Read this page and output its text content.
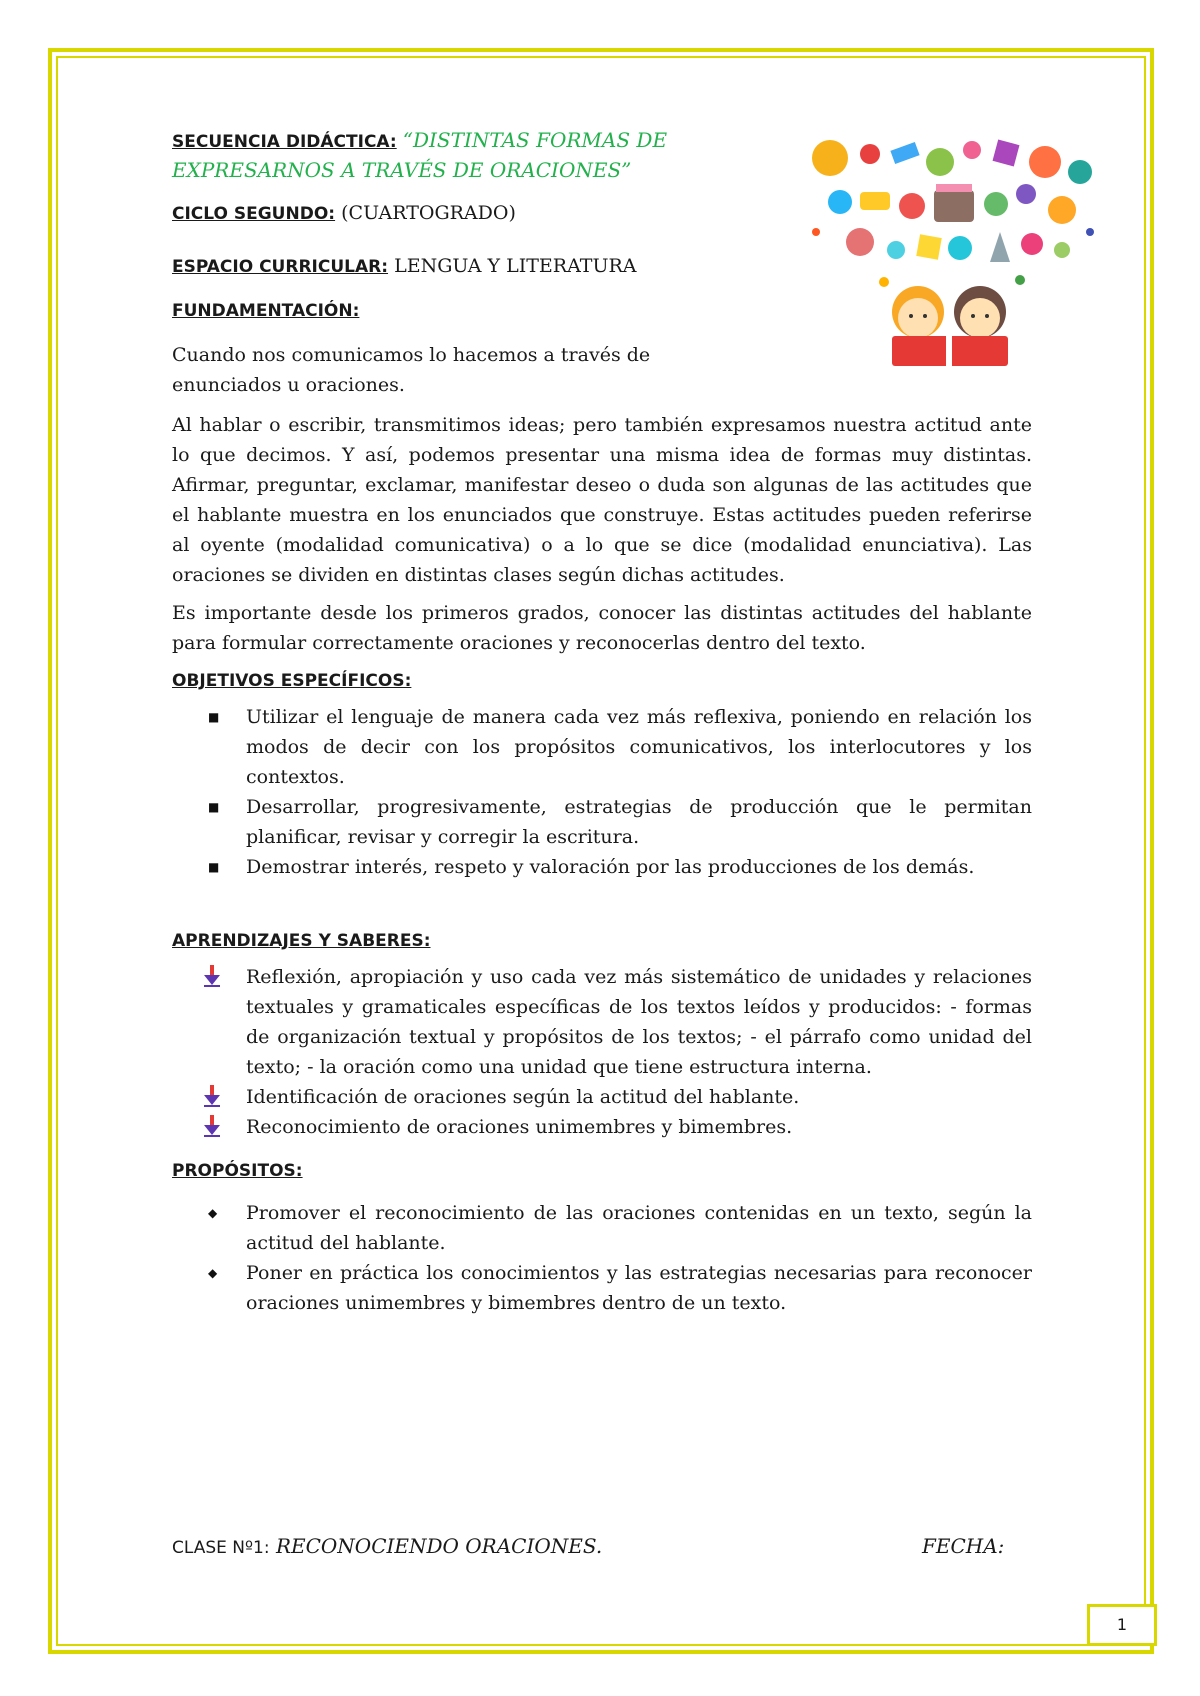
SECUENCIA DIDÁCTICA: “DISTINTAS FORMAS DE

EXPRESARNOS A TRAVÉS DE ORACIONES”

CICLO SEGUNDO: (CUARTOGRADO)

ESPACIO CURRICULAR: LENGUA Y LITERATURA

FUNDAMENTACIÓN:

Cuando nos comunicamos lo hacemos a través de enunciados u oraciones.

Al hablar o escribir, transmitimos ideas; pero también expresamos nuestra actitud ante lo que decimos. Y así, podemos presentar una misma idea de formas muy distintas. Afirmar, preguntar, exclamar, manifestar deseo o duda son algunas de las actitudes que el hablante muestra en los enunciados que construye. Estas actitudes pueden referirse al oyente (modalidad comunicativa) o a lo que se dice (modalidad enunciativa). Las oraciones se dividen en distintas clases según dichas actitudes.

Es importante desde los primeros grados, conocer las distintas actitudes del hablante para formular correctamente oraciones y reconocerlas dentro del texto.

OBJETIVOS ESPECÍFICOS:

■ Utilizar el lenguaje de manera cada vez más reflexiva, poniendo en relación los modos de decir con los propósitos comunicativos, los interlocutores y los contextos.
■ Desarrollar, progresivamente, estrategias de producción que le permitan planificar, revisar y corregir la escritura.
■ Demostrar interés, respeto y valoración por las producciones de los demás.

APRENDIZAJES Y SABERES:

Reflexión, apropiación y uso cada vez más sistemático de unidades y relaciones textuales y gramaticales específicas de los textos leídos y producidos: - formas de organización textual y propósitos de los textos; - el párrafo como unidad del texto; - la oración como una unidad que tiene estructura interna.
Identificación de oraciones según la actitud del hablante.
Reconocimiento de oraciones unimembres y bimembres.

PROPÓSITOS:

◆ Promover el reconocimiento de las oraciones contenidas en un texto, según la actitud del hablante.
◆ Poner en práctica los conocimientos y las estrategias necesarias para reconocer oraciones unimembres y bimembres dentro de un texto.
CLASE Nº1: RECONOCIENDO ORACIONES.	FECHA:
1
